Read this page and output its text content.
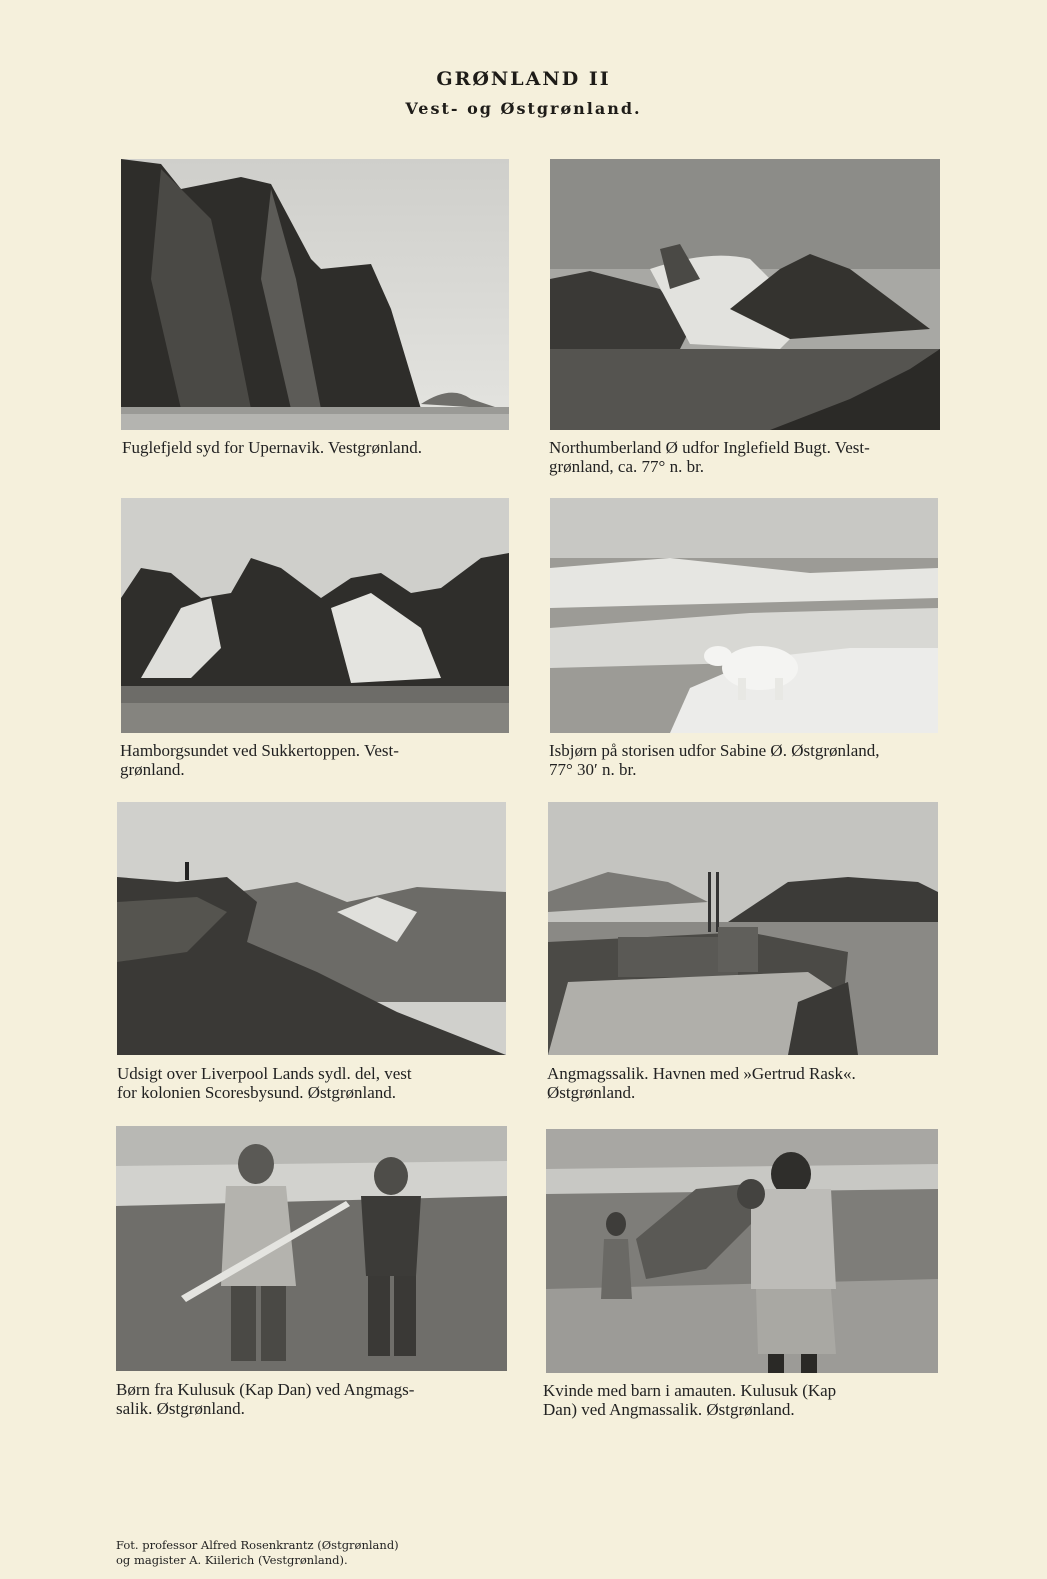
GRØNLAND II
Vest- og Østgrønland.
Fuglefjeld syd for Upernavik. Vestgrønland.	Northumberland Ø udfor Inglefield Bugt. Vest-
grønland, ca. 77° n. br.
Hamborgsundet ved Sukkertoppen. Vest-
grønland.
Isbjørn på storisen udfor Sabine Ø. Østgrønland,
77° 30′ n. br.
Udsigt over Liverpool Lands sydl. del, vest
for kolonien Scoresbysund. Østgrønland.
Angmagssalik. Havnen med »Gertrud Rask«.
Østgrønland.
Børn fra Kulusuk (Kap Dan) ved Angmags-
salik. Østgrønland.
Kvinde med barn i amauten. Kulusuk (Kap
Dan) ved Angmassalik. Østgrønland.
Fot. professor Alfred Rosenkrantz (Østgrønland)
og magister A. Kiilerich (Vestgrønland).
